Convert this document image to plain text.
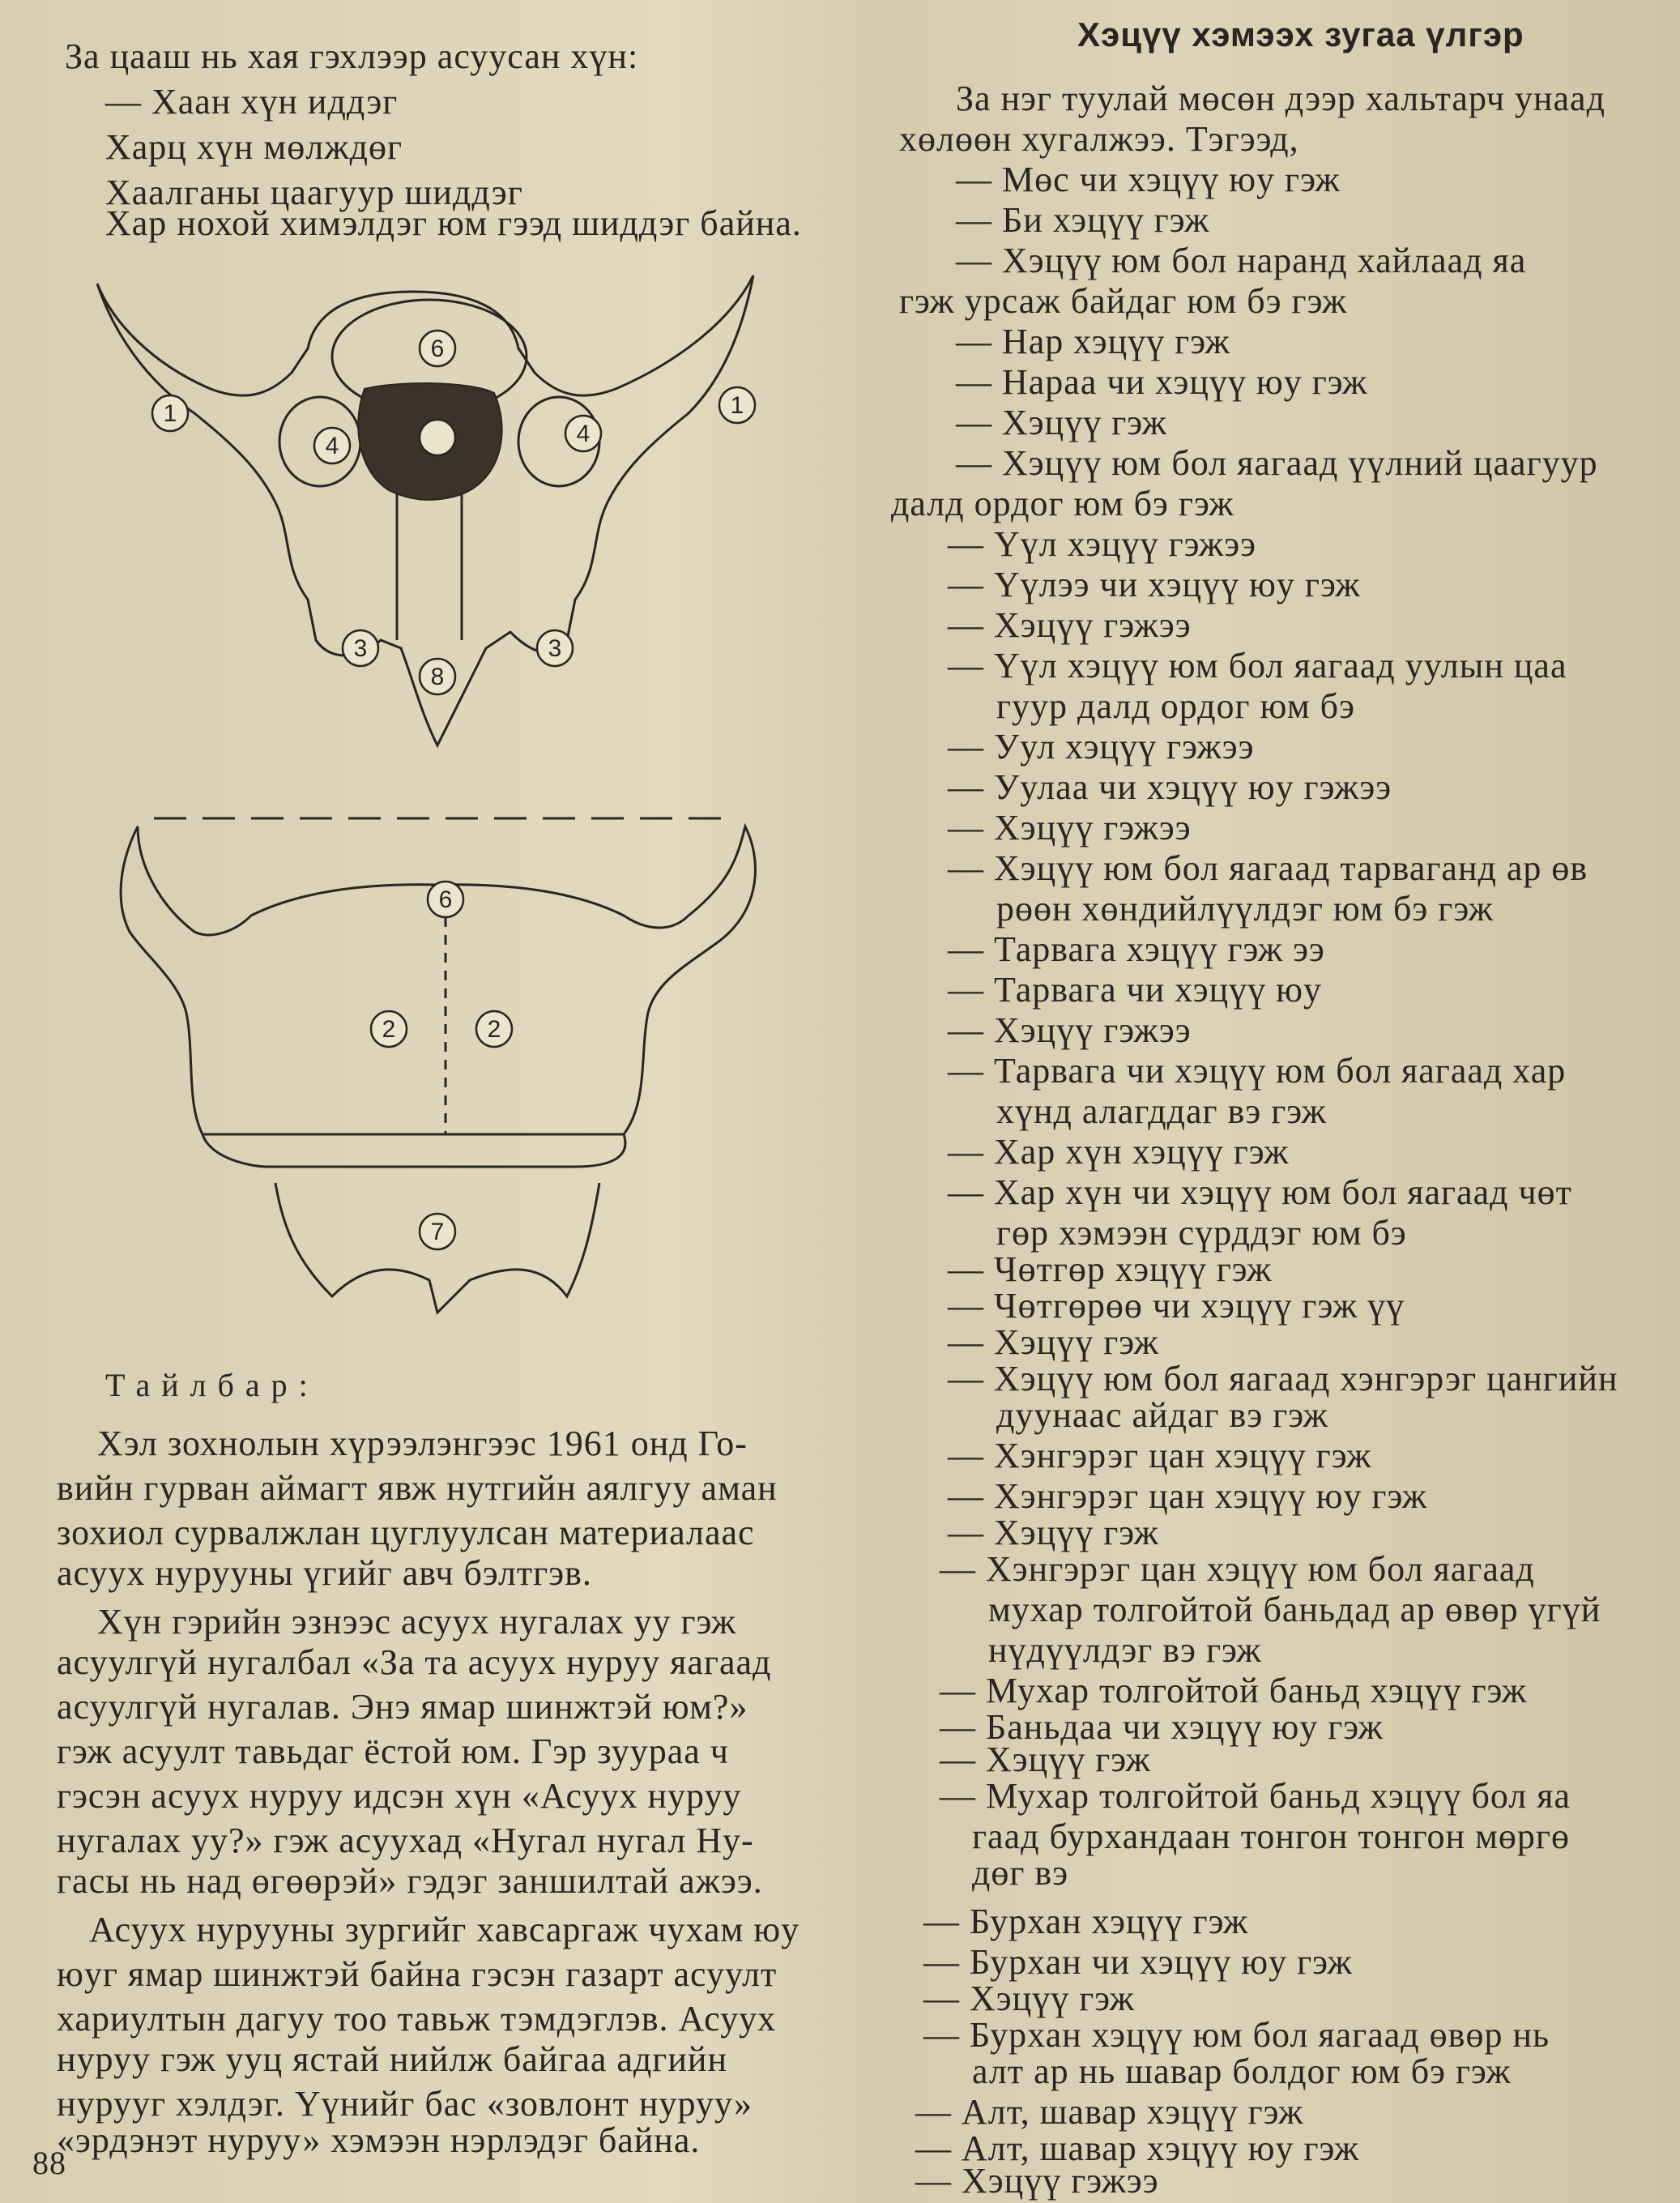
За цааш нь хая гэхлээр асуусан хүн:
— Хаан хүн иддэг
Харц хүн мөлждөг
Хаалганы цаагуур шиддэг
Хар нохой химэлдэг юм гээд шиддэг байна.
1	1
6
4	5	4
3
8
3
6
2	2
7
Тайлбар:
Хэл зохнолын хүрээлэнгээс 1961 онд Го-
вийн гурван аймагт явж нутгийн аялгуу аман
зохиол сурвалжлан цуглуулсан материалаас
асуух нурууны үгийг авч бэлтгэв.
Хүн гэрийн эзнээс асуух нугалах уу гэж
асуулгүй нугалбал «За та асуух нуруу яагаад
асуулгүй нугалав. Энэ ямар шинжтэй юм?»
гэж асуулт тавьдаг ёстой юм. Гэр зуураа ч
гэсэн асуух нуруу идсэн хүн «Асуух нуруу
нугалах уу?» гэж асуухад «Нугал нугал Ну-
гасы нь над өгөөрэй» гэдэг заншилтай ажээ.
Асуух нурууны зургийг хавсаргаж чухам юу
юуг ямар шинжтэй байна гэсэн газарт асуулт
хариултын дагуу тоо тавьж тэмдэглэв. Асуух
нуруу гэж ууц ястай нийлж байгаа адгийн
нурууг хэлдэг. Үүнийг бас «зовлонт нуруу»
«эрдэнэт нуруу» хэмээн нэрлэдэг байна.
88
Хэцүү хэмээх зугаа үлгэр
За нэг туулай мөсөн дээр хальтарч унаад
хөлөөн хугалжээ. Тэгээд,
— Мөс чи хэцүү юу гэж
— Би хэцүү гэж
— Хэцүү юм бол наранд хайлаад яа
гэж урсаж байдаг юм бэ гэж
— Нар хэцүү гэж
— Нараа чи хэцүү юу гэж
— Хэцүү гэж
— Хэцүү юм бол яагаад үүлний цаагуур
далд ордог юм бэ гэж
— Үүл хэцүү гэжээ
— Үүлээ чи хэцүү юу гэж
— Хэцүү гэжээ
— Үүл хэцүү юм бол яагаад уулын цаа
гуур далд ордог юм бэ
— Уул хэцүү гэжээ
— Уулаа чи хэцүү юу гэжээ
— Хэцүү гэжээ
— Хэцүү юм бол яагаад тарваганд ар өв
рөөн хөндийлүүлдэг юм бэ гэж
— Тарвага хэцүү гэж ээ
— Тарвага чи хэцүү юу
— Хэцүү гэжээ
— Тарвага чи хэцүү юм бол яагаад хар
хүнд алагддаг вэ гэж
— Хар хүн хэцүү гэж
— Хар хүн чи хэцүү юм бол яагаад чөт
гөр хэмээн сүрддэг юм бэ
— Чөтгөр хэцүү гэж
— Чөтгөрөө чи хэцүү гэж үү
— Хэцүү гэж
— Хэцүү юм бол яагаад хэнгэрэг цангийн
дуунаас айдаг вэ гэж
— Хэнгэрэг цан хэцүү гэж
— Хэнгэрэг цан хэцүү юу гэж
— Хэцүү гэж
— Хэнгэрэг цан хэцүү юм бол яагаад
мухар толгойтой баньдад ар өвөр үгүй
нүдүүлдэг вэ гэж
— Мухар толгойтой баньд хэцүү гэж
— Баньдаа чи хэцүү юу гэж
— Хэцүү гэж
— Мухар толгойтой баньд хэцүү бол яа
гаад бурхандаан тонгон тонгон мөргө
дөг вэ
— Бурхан хэцүү гэж
— Бурхан чи хэцүү юу гэж
— Хэцүү гэж
— Бурхан хэцүү юм бол яагаад өвөр нь
алт ар нь шавар болдог юм бэ гэж
— Алт, шавар хэцүү гэж
— Алт, шавар хэцүү юу гэж
— Хэцүү гэжээ
